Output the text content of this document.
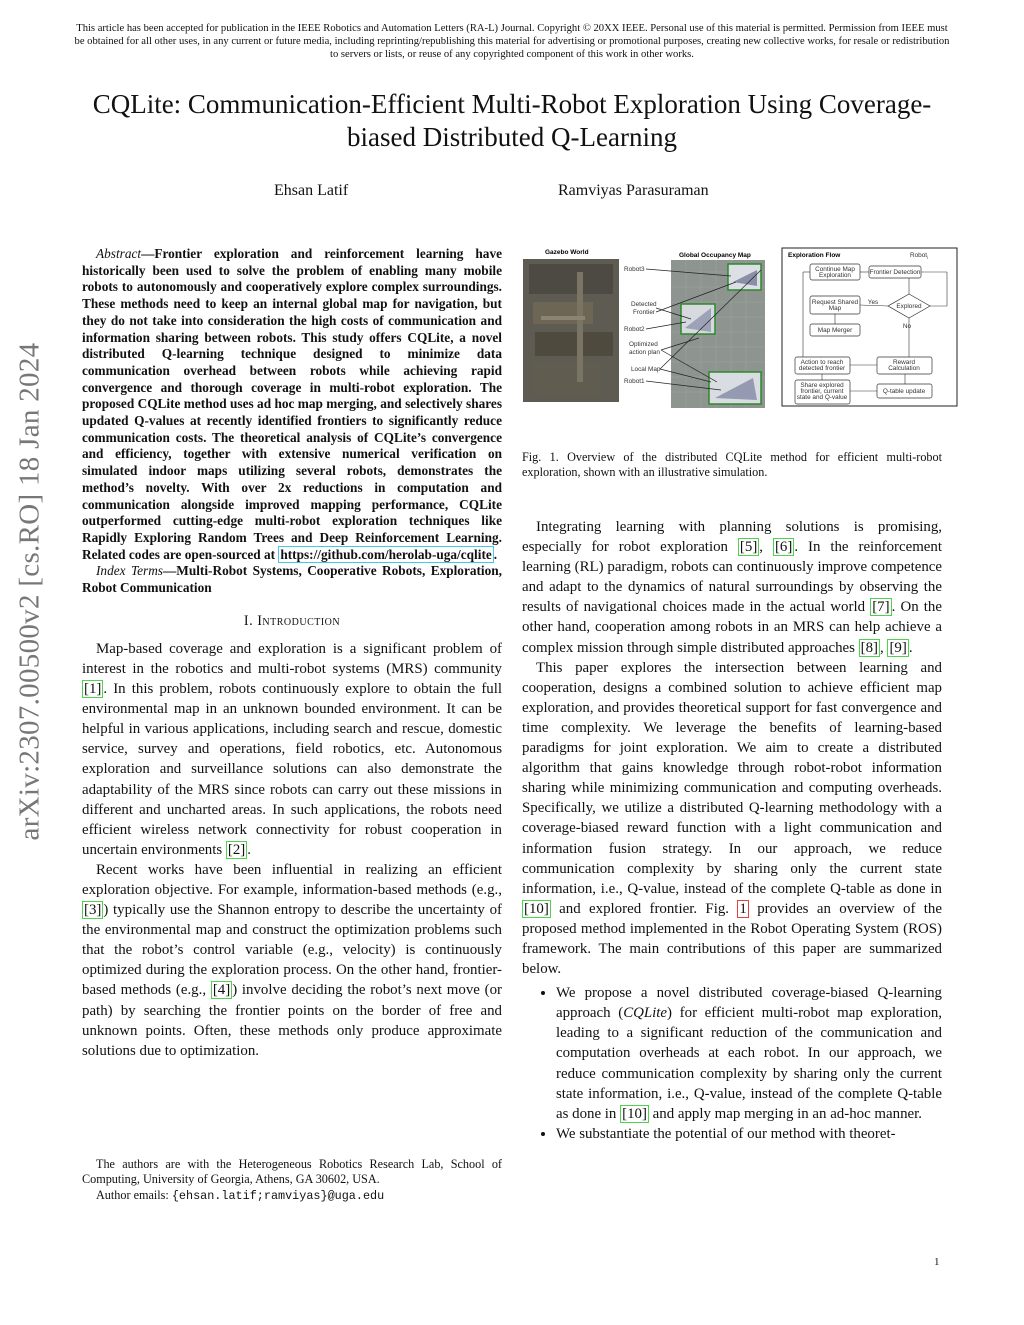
This article has been accepted for publication in the IEEE Robotics and Automation Letters (RA-L) Journal. Copyright © 20XX IEEE. Personal use of this material is permitted. Permission from IEEE must be obtained for all other uses, in any current or future media, including reprinting/republishing this material for advertising or promotional purposes, creating new collective works, for resale or redistribution to servers or lists, or reuse of any copyrighted component of this work in other works.
CQLite: Communication-Efficient Multi-Robot Exploration Using Coverage-biased Distributed Q-Learning
Ehsan Latif	Ramviyas Parasuraman
arXiv:2307.00500v2 [cs.RO] 18 Jan 2024

Abstract—Frontier exploration and reinforcement learning have historically been used to solve the problem of enabling many mobile robots to autonomously and cooperatively explore complex surroundings. These methods need to keep an internal global map for navigation, but they do not take into consideration the high costs of communication and information sharing between robots. This study offers CQLite, a novel distributed Q-learning technique designed to minimize data communication overhead between robots while achieving rapid convergence and thorough coverage in multi-robot exploration. The proposed CQLite method uses ad hoc map merging, and selectively shares updated Q-values at recently identified frontiers to significantly reduce communication costs. The theoretical analysis of CQLite’s convergence and efficiency, together with extensive numerical verification on simulated indoor maps utilizing several robots, demonstrates the method’s novelty. With over 2x reductions in computation and communication alongside improved mapping performance, CQLite outperformed cutting-edge multi-robot exploration techniques like Rapidly Exploring Random Trees and Deep Reinforcement Learning. Related codes are open-sourced at https://github.com/herolab-uga/cqlite .

Index Terms—Multi-Robot Systems, Cooperative Robots, Exploration, Robot Communication

I. Introduction

Map-based coverage and exploration is a significant problem of interest in the robotics and multi-robot systems (MRS) community [1] . In this problem, robots continuously explore to obtain the full environmental map in an unknown bounded environment. It can be helpful in various applications, including search and rescue, domestic service, survey and operations, field robotics, etc. Autonomous exploration and surveillance solutions can also demonstrate the adaptability of the MRS since robots can carry out these missions in different and uncharted areas. In such applications, the robots need efficient wireless network connectivity for robust cooperation in uncertain environments [2] .

Recent works have been influential in realizing an efficient exploration objective. For example, information-based methods (e.g., [3] ) typically use the Shannon entropy to describe the uncertainty of the environmental map and construct the optimization problems such that the robot’s control variable (e.g., velocity) is continuously optimized during the exploration process. On the other hand, frontier-based methods (e.g., [4] ) involve deciding the robot’s next move (or path) by searching the frontier points on the border of free and unknown points. Often, these methods only produce approximate solutions due to optimization.

The authors are with the Heterogeneous Robotics Research Lab, School of Computing, University of Georgia, Athens, GA 30602, USA.

Author emails: {ehsan.latif;ramviyas}@uga.edu

Gazebo World
Robot3
Detected
Frontier
Robot2
Optimized
action plan
Local Map
Robot1
Global Occupancy Map	Exploration Flow	Robot$_i$
Continue Map
Exploration	Frontier Detection
Request Shared
Map	Explored
Yes
No
Map Merger
Action to reach
detected frontier
Reward
Calculation
Share explored
frontier, current
state and Q-value
Q-table update
Fig. 1. Overview of the distributed CQLite method for efficient multi-robot exploration, shown with an illustrative simulation.

Integrating learning with planning solutions is promising, especially for robot exploration [5] , [6] . In the reinforcement learning (RL) paradigm, robots can continuously improve competence and adapt to the dynamics of natural surroundings by observing the results of navigational choices made in the actual world [7] . On the other hand, cooperation among robots in an MRS can help achieve a complex mission through simple distributed approaches [8] , [9] .

This paper explores the intersection between learning and cooperation, designs a combined solution to achieve efficient map exploration, and provides theoretical support for fast convergence and time complexity. We leverage the benefits of learning-based paradigms for joint exploration. We aim to create a distributed algorithm that gains knowledge through robot-robot information sharing while minimizing communication and computing overheads. Specifically, we utilize a distributed Q-learning methodology with a coverage-biased reward function with a light communication and information fusion strategy. In our approach, we reduce communication complexity by sharing only the current state information, i.e., Q-value, instead of the complete Q-table as done in [10] and explored frontier. Fig. 1 provides an overview of the proposed method implemented in the Robot Operating System (ROS) framework. The main contributions of this paper are summarized below.

• We propose a novel distributed coverage-biased Q-learning approach (CQLite) for efficient multi-robot map exploration, leading to a significant reduction of the communication and computation overheads at each robot. In our approach, we reduce communication complexity by sharing only the current state information, i.e., Q-value, instead of the complete Q-table as done in [10] and apply map merging in an ad-hoc manner.
• We substantiate the potential of our method with theoret-
1
